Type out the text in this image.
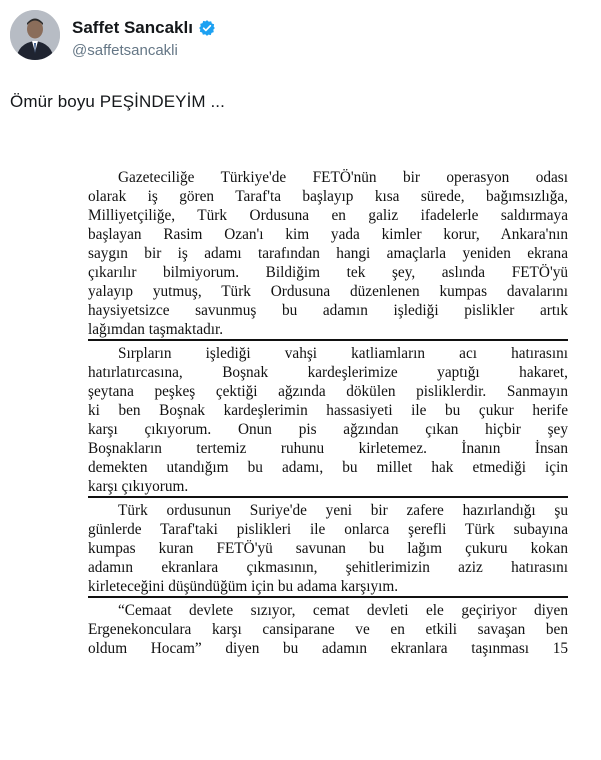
Saffet Sancaklı
@saffetsancakli
Ömür boyu PEŞİNDEYİM ...
Gazeteciliğe Türkiye'de FETÖ'nün bir operasyon odası
olarak iş gören Taraf'ta başlayıp kısa sürede, bağımsızlığa,
Milliyetçiliğe, Türk Ordusuna en galiz ifadelerle saldırmaya
başlayan Rasim Ozan'ı kim yada kimler korur, Ankara'nın
saygın bir iş adamı tarafından hangi amaçlarla yeniden ekrana
çıkarılır bilmiyorum. Bildiğim tek şey, aslında FETÖ'yü
yalayıp yutmuş, Türk Ordusuna düzenlenen kumpas davalarını
haysiyetsizce savunmuş bu adamın işlediği pislikler artık
lağımdan taşmaktadır.
Sırpların işlediği vahşi katliamların acı hatırasını
hatırlatırcasına, Boşnak kardeşlerimize yaptığı hakaret,
şeytana peşkeş çektiği ağzında dökülen pisliklerdir. Sanmayın
ki ben Boşnak kardeşlerimin hassasiyeti ile bu çukur herife
karşı çıkıyorum. Onun pis ağzından çıkan hiçbir şey
Boşnakların tertemiz ruhunu kirletemez. İnanın İnsan
demekten utandığım bu adamı, bu millet hak etmediği için
karşı çıkıyorum.
Türk ordusunun Suriye'de yeni bir zafere hazırlandığı şu
günlerde Taraf'taki pislikleri ile onlarca şerefli Türk subayına
kumpas kuran FETÖ'yü savunan bu lağım çukuru kokan
adamın ekranlara çıkmasının, şehitlerimizin aziz hatırasını
kirleteceğini düşündüğüm için bu adama karşıyım.
“Cemaat devlete sızıyor, cemat devleti ele geçiriyor diyen
Ergenekonculara karşı cansiparane ve en etkili savaşan ben
oldum Hocam” diyen bu adamın ekranlara taşınması 15
